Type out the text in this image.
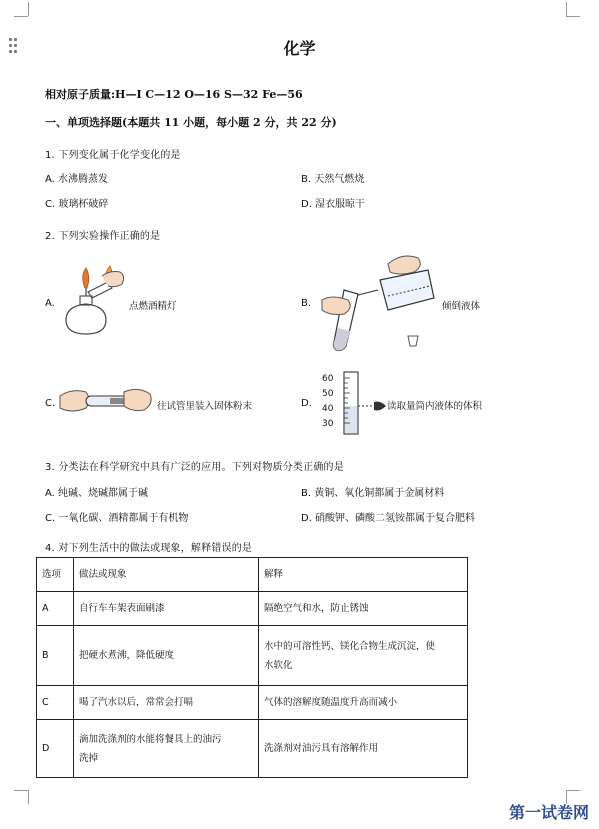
化学
相对原子质量:H—I C—12 O—16 S—32 Fe—56
一、单项选择题(本题共 11 小题，每小题 2 分，共 22 分)
1. 下列变化属于化学变化的是
A. 水沸腾蒸发	B. 天然气燃烧
C. 玻璃杯破碎	D. 湿衣服晾干
2. 下列实验操作正确的是
A.	点燃酒精灯	B.	倾倒液体
C.	往试管里装入固体粉末	D.
60
50
40
30
读取量筒内液体的体积
3. 分类法在科学研究中具有广泛的应用。下列对物质分类正确的是
A. 纯碱、烧碱都属于碱	B. 黄铜、氧化铜都属于金属材料
C. 一氧化碳、酒精都属于有机物	D. 硝酸钾、磷酸二氢铵都属于复合肥料
4. 对下列生活中的做法或现象，解释错误的是
选项	做法或现象	解释
A	自行车车架表面刷漆	隔绝空气和水，防止锈蚀
B	把硬水煮沸，降低硬度	水中的可溶性钙、镁化合物生成沉淀，使
水软化

C	喝了汽水以后，常常会打嗝	气体的溶解度随温度升高而减小
D	滴加洗涤剂的水能将餐具上的油污
洗掉	洗涤剂对油污具有溶解作用
第一试卷网
